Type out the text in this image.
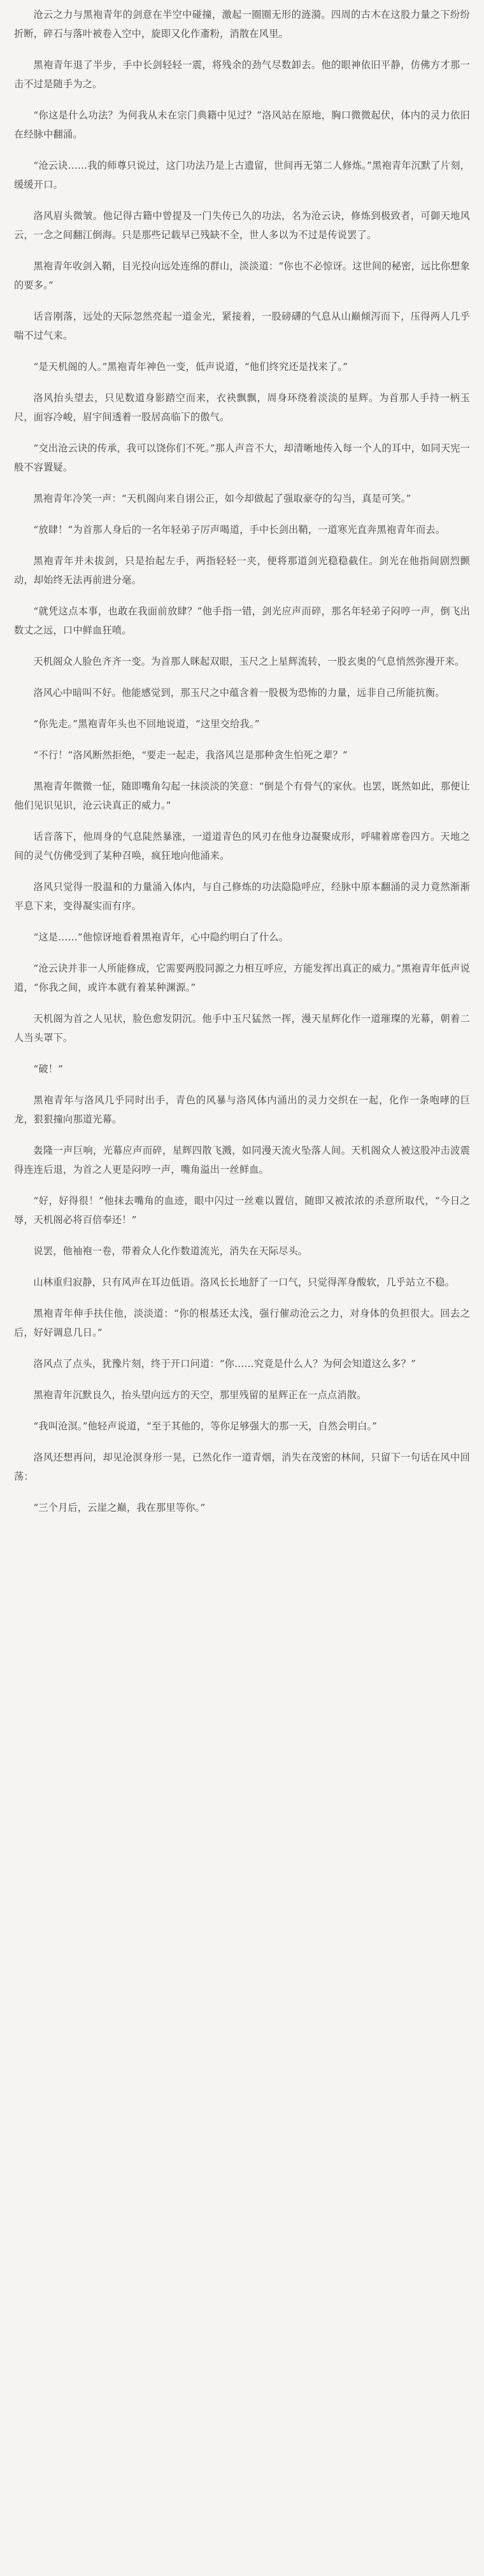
沧云之力与黑袍青年的剑意在半空中碰撞，激起一圈圈无形的涟漪。四周的古木在这股力量之下纷纷折断，碎石与落叶被卷入空中，旋即又化作齑粉，消散在风里。

黑袍青年退了半步，手中长剑轻轻一震，将残余的劲气尽数卸去。他的眼神依旧平静，仿佛方才那一击不过是随手为之。

“你这是什么功法？为何我从未在宗门典籍中见过？”洛风站在原地，胸口微微起伏，体内的灵力依旧在经脉中翻涌。

“沧云诀……我的师尊只说过，这门功法乃是上古遗留，世间再无第二人修炼。”黑袍青年沉默了片刻，缓缓开口。

洛风眉头微皱。他记得古籍中曾提及一门失传已久的功法，名为沧云诀，修炼到极致者，可御天地风云，一念之间翻江倒海。只是那些记载早已残缺不全，世人多以为不过是传说罢了。

黑袍青年收剑入鞘，目光投向远处连绵的群山，淡淡道：“你也不必惊讶。这世间的秘密，远比你想象的要多。”

话音刚落，远处的天际忽然亮起一道金光，紧接着，一股磅礴的气息从山巅倾泻而下，压得两人几乎喘不过气来。

“是天机阁的人。”黑袍青年神色一变，低声说道，“他们终究还是找来了。”

洛风抬头望去，只见数道身影踏空而来，衣袂飘飘，周身环绕着淡淡的星辉。为首那人手持一柄玉尺，面容冷峻，眉宇间透着一股居高临下的傲气。

“交出沧云诀的传承，我可以饶你们不死。”那人声音不大，却清晰地传入每一个人的耳中，如同天宪一般不容置疑。

黑袍青年冷笑一声：“天机阁向来自诩公正，如今却做起了强取豪夺的勾当，真是可笑。”

“放肆！”为首那人身后的一名年轻弟子厉声喝道，手中长剑出鞘，一道寒光直奔黑袍青年而去。

黑袍青年并未拔剑，只是抬起左手，两指轻轻一夹，便将那道剑光稳稳截住。剑光在他指间剧烈颤动，却始终无法再前进分毫。

“就凭这点本事，也敢在我面前放肆？”他手指一错，剑光应声而碎，那名年轻弟子闷哼一声，倒飞出数丈之远，口中鲜血狂喷。

天机阁众人脸色齐齐一变。为首那人眯起双眼，玉尺之上星辉流转，一股玄奥的气息悄然弥漫开来。

洛风心中暗叫不好。他能感觉到，那玉尺之中蕴含着一股极为恐怖的力量，远非自己所能抗衡。

“你先走。”黑袍青年头也不回地说道，“这里交给我。”

“不行！”洛风断然拒绝，“要走一起走，我洛风岂是那种贪生怕死之辈？”

黑袍青年微微一怔，随即嘴角勾起一抹淡淡的笑意：“倒是个有骨气的家伙。也罢，既然如此，那便让他们见识见识，沧云诀真正的威力。”

话音落下，他周身的气息陡然暴涨，一道道青色的风刃在他身边凝聚成形，呼啸着席卷四方。天地之间的灵气仿佛受到了某种召唤，疯狂地向他涌来。

洛风只觉得一股温和的力量涌入体内，与自己修炼的功法隐隐呼应，经脉中原本翻涌的灵力竟然渐渐平息下来，变得凝实而有序。

“这是……”他惊讶地看着黑袍青年，心中隐约明白了什么。

“沧云诀并非一人所能修成，它需要两股同源之力相互呼应，方能发挥出真正的威力。”黑袍青年低声说道，“你我之间，或许本就有着某种渊源。”

天机阁为首之人见状，脸色愈发阴沉。他手中玉尺猛然一挥，漫天星辉化作一道璀璨的光幕，朝着二人当头罩下。

“破！”

黑袍青年与洛风几乎同时出手，青色的风暴与洛风体内涌出的灵力交织在一起，化作一条咆哮的巨龙，狠狠撞向那道光幕。

轰隆一声巨响，光幕应声而碎，星辉四散飞溅，如同漫天流火坠落人间。天机阁众人被这股冲击波震得连连后退，为首之人更是闷哼一声，嘴角溢出一丝鲜血。

“好，好得很！”他抹去嘴角的血迹，眼中闪过一丝难以置信，随即又被浓浓的杀意所取代，“今日之辱，天机阁必将百倍奉还！”

说罢，他袖袍一卷，带着众人化作数道流光，消失在天际尽头。

山林重归寂静，只有风声在耳边低语。洛风长长地舒了一口气，只觉得浑身酸软，几乎站立不稳。

黑袍青年伸手扶住他，淡淡道：“你的根基还太浅，强行催动沧云之力，对身体的负担很大。回去之后，好好调息几日。”

洛风点了点头，犹豫片刻，终于开口问道：“你……究竟是什么人？为何会知道这么多？”

黑袍青年沉默良久，抬头望向远方的天空，那里残留的星辉正在一点点消散。

“我叫沧溟。”他轻声说道，“至于其他的，等你足够强大的那一天，自然会明白。”

洛风还想再问，却见沧溟身形一晃，已然化作一道青烟，消失在茂密的林间，只留下一句话在风中回荡：

“三个月后，云崖之巅，我在那里等你。”
